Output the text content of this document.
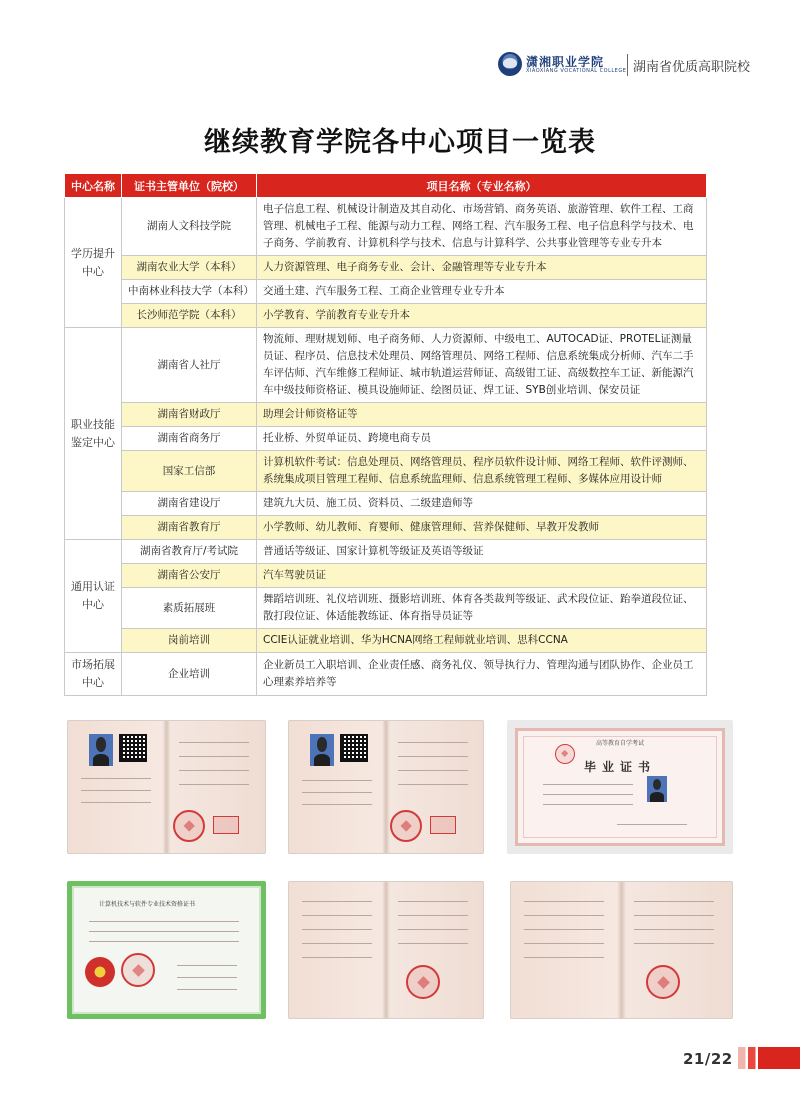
潇湘职业学院
XIAOXIANG VOCATIONAL COLLEGE 湖南省优质高职院校
继续教育学院各中心项目一览表
中心名称	证书主管单位（院校）	项目名称（专业名称）
学历提升中心	湖南人文科技学院	电子信息工程、机械设计制造及其自动化、市场营销、商务英语、旅游管理、软件工程、工商管理、机械电子工程、能源与动力工程、网络工程、汽车服务工程、电子信息科学与技术、电子商务、学前教育、计算机科学与技术、信息与计算科学、公共事业管理等专业专升本
	湖南农业大学（本科）	人力资源管理、电子商务专业、会计、金融管理等专业专升本
	中南林业科技大学（本科）	交通土建、汽车服务工程、工商企业管理专业专升本
	长沙师范学院（本科）	小学教育、学前教育专业专升本
职业技能鉴定中心	湖南省人社厅	物流师、理财规划师、电子商务师、人力资源师、中级电工、AUTOCAD证、PROTEL证测量员证、程序员、信息技术处理员、网络管理员、网络工程师、信息系统集成分析师、汽车二手车评估师、汽车维修工程师证、城市轨道运营师证、高级钳工证、高级数控车工证、新能源汽车中级技师资格证、模具设施师证、绘图员证、焊工证、SYB创业培训、保安员证
	湖南省财政厅	助理会计师资格证等
	湖南省商务厅	托业桥、外贸单证员、跨境电商专员
	国家工信部	计算机软件考试：信息处理员、网络管理员、程序员软件设计师、网络工程师、软件评测师、系统集成项目管理工程师、信息系统监理师、信息系统管理工程师、多媒体应用设计师
	湖南省建设厅	建筑九大员、施工员、资料员、二级建造师等
	湖南省教育厅	小学教师、幼儿教师、育婴师、健康管理师、营养保健师、早教开发教师
通用认证中心	湖南省教育厅/考试院	普通话等级证、国家计算机等级证及英语等级证
	湖南省公安厅	汽车驾驶员证
	素质拓展班	舞蹈培训班、礼仪培训班、摄影培训班、体育各类裁判等级证、武术段位证、跆拳道段位证、散打段位证、体适能教练证、体育指导员证等
	岗前培训	CCIE认证就业培训、华为HCNA网络工程师就业培训、思科CCNA
市场拓展中心	企业培训	企业新员工入职培训、企业责任感、商务礼仪、领导执行力、管理沟通与团队协作、企业员工心理素养培养等
高等教育自学考试
毕业证书
计算机技术与软件专业技术资格证书
21/22
